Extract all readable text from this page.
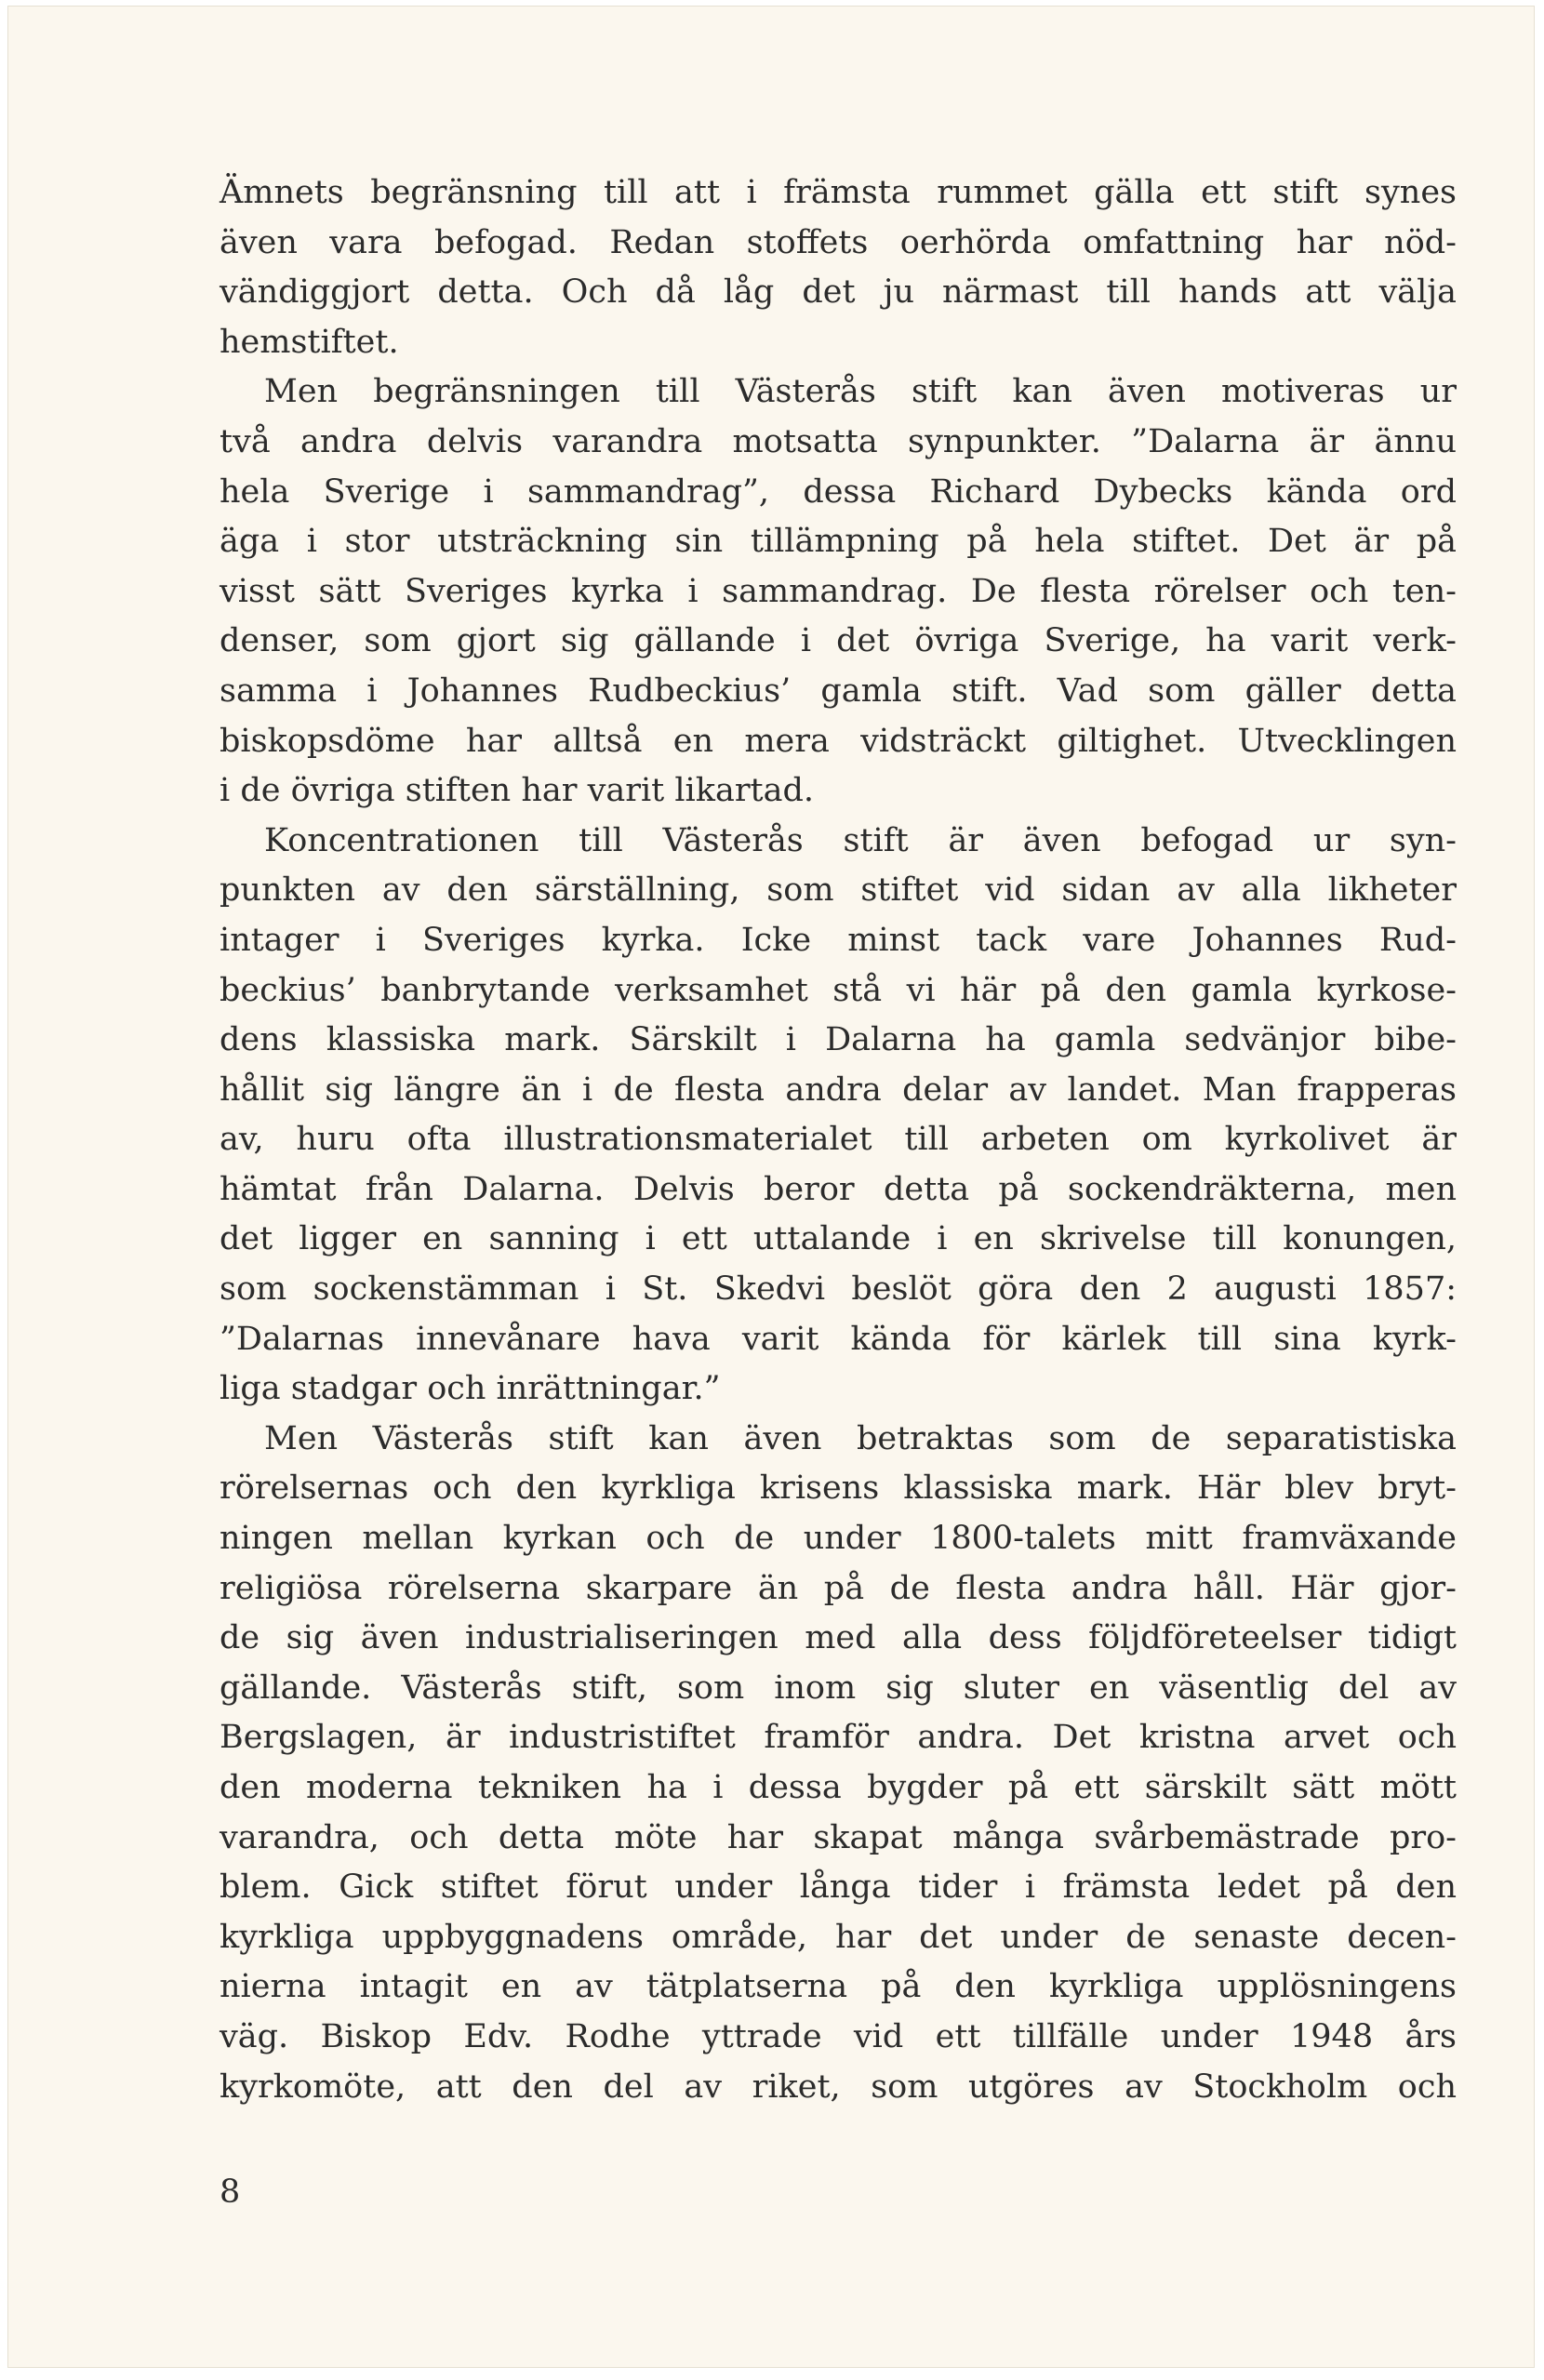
Ämnets begränsning till att i främsta rummet gälla ett stift synes
även vara befogad. Redan stoffets oerhörda omfattning har nöd-
vändiggjort detta. Och då låg det ju närmast till hands att välja
hemstiftet.
Men begränsningen till Västerås stift kan även motiveras ur
två andra delvis varandra motsatta synpunkter. ”Dalarna är ännu
hela Sverige i sammandrag”, dessa Richard Dybecks kända ord
äga i stor utsträckning sin tillämpning på hela stiftet. Det är på
visst sätt Sveriges kyrka i sammandrag. De flesta rörelser och ten-
denser, som gjort sig gällande i det övriga Sverige, ha varit verk-
samma i Johannes Rudbeckius’ gamla stift. Vad som gäller detta
biskopsdöme har alltså en mera vidsträckt giltighet. Utvecklingen
i de övriga stiften har varit likartad.
Koncentrationen till Västerås stift är även befogad ur syn-
punkten av den särställning, som stiftet vid sidan av alla likheter
intager i Sveriges kyrka. Icke minst tack vare Johannes Rud-
beckius’ banbrytande verksamhet stå vi här på den gamla kyrkose-
dens klassiska mark. Särskilt i Dalarna ha gamla sedvänjor bibe-
hållit sig längre än i de flesta andra delar av landet. Man frapperas
av, huru ofta illustrationsmaterialet till arbeten om kyrkolivet är
hämtat från Dalarna. Delvis beror detta på sockendräkterna, men
det ligger en sanning i ett uttalande i en skrivelse till konungen,
som sockenstämman i St. Skedvi beslöt göra den 2 augusti 1857:
”Dalarnas innevånare hava varit kända för kärlek till sina kyrk-
liga stadgar och inrättningar.”
Men Västerås stift kan även betraktas som de separatistiska
rörelsernas och den kyrkliga krisens klassiska mark. Här blev bryt-
ningen mellan kyrkan och de under 1800-talets mitt framväxande
religiösa rörelserna skarpare än på de flesta andra håll. Här gjor-
de sig även industrialiseringen med alla dess följdföreteelser tidigt
gällande. Västerås stift, som inom sig sluter en väsentlig del av
Bergslagen, är industristiftet framför andra. Det kristna arvet och
den moderna tekniken ha i dessa bygder på ett särskilt sätt mött
varandra, och detta möte har skapat många svårbemästrade pro-
blem. Gick stiftet förut under långa tider i främsta ledet på den
kyrkliga uppbyggnadens område, har det under de senaste decen-
nierna intagit en av tätplatserna på den kyrkliga upplösningens
väg. Biskop Edv. Rodhe yttrade vid ett tillfälle under 1948 års
kyrkomöte, att den del av riket, som utgöres av Stockholm och
8
